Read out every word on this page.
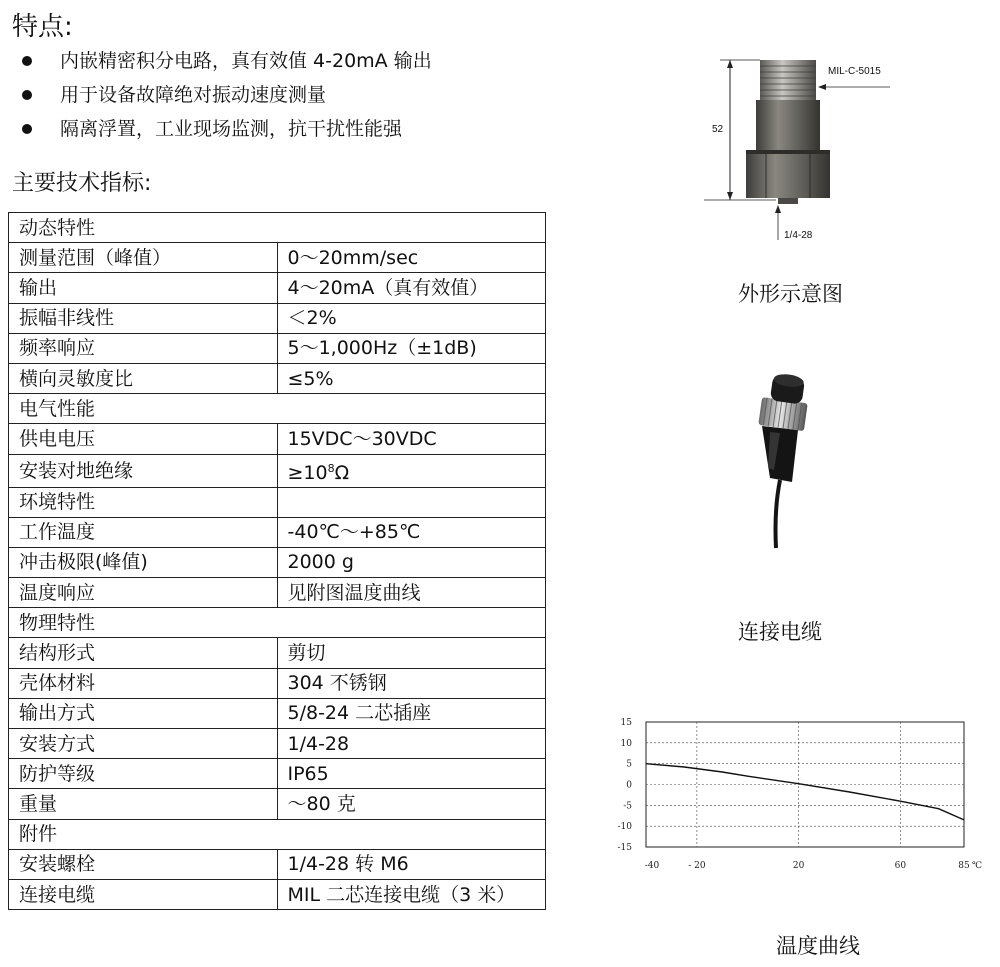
特点:
内嵌精密积分电路，真有效值 4-20mA 输出
用于设备故障绝对振动速度测量
隔离浮置，工业现场监测，抗干扰性能强
主要技术指标:
动态特性	
测量范围（峰值）	0～20mm/sec
输出	4～20mA（真有效值）
振幅非线性	＜2%
频率响应	5～1,000Hz（±1dB)
横向灵敏度比	≤5%
电气性能	
供电电压	15VDC～30VDC
安装对地绝缘	$\ge 10^8\Omega$
环境特性	
工作温度	-40℃～+85℃
冲击极限(峰值)	2000 g
温度响应	见附图温度曲线
物理特性	
结构形式	剪切
壳体材料	304 不锈钢
输出方式	5/8-24 二芯插座
安装方式	1/4-28
防护等级	IP65
重量	～80 克
附件	
安装螺栓	1/4-28 转 M6
连接电缆	MIL 二芯连接电缆（3 米）
52
MIL-C-5015
1/4-28
外形示意图
连接电缆
15
10
5
0
-5
-10
-15
-40	- 20	20	60	85 ℃
温度曲线
